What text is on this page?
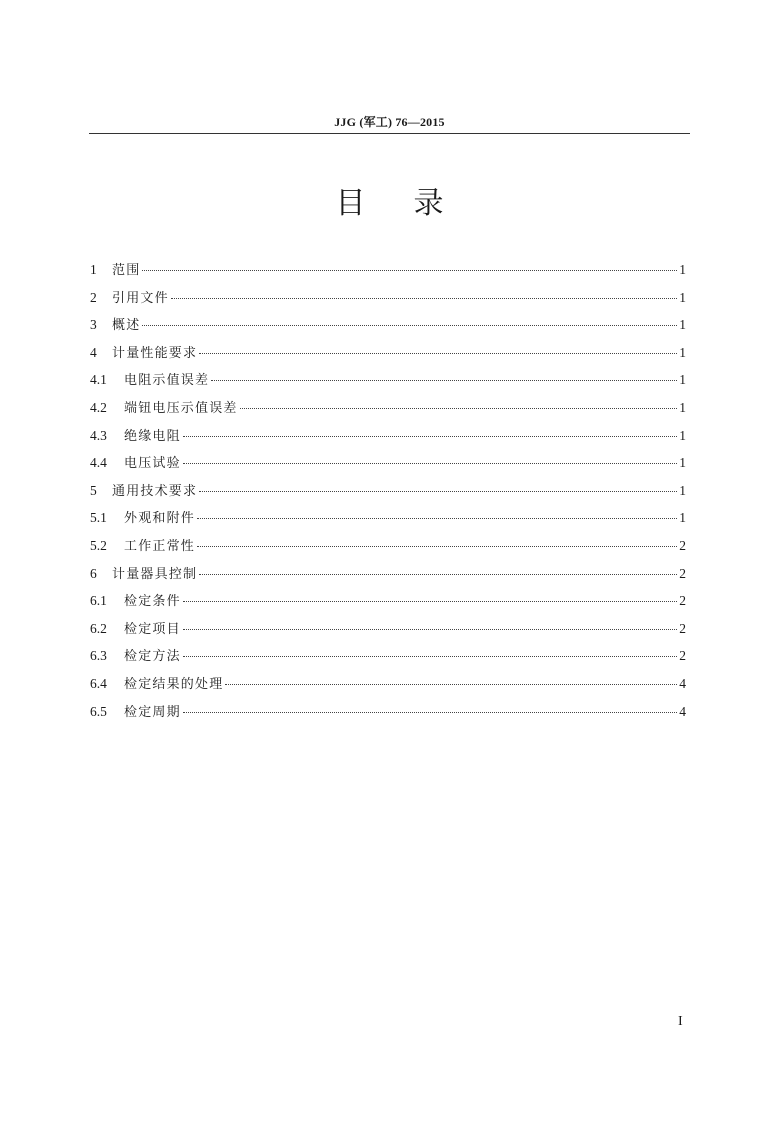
JJG (军工) 76—2015
目 录
1	范围	1
2	引用文件	1
3	概述	1
4	计量性能要求	1
4.1	电阻示值误差	1
4.2	端钮电压示值误差	1
4.3	绝缘电阻	1
4.4	电压试验	1
5	通用技术要求	1
5.1	外观和附件	1
5.2	工作正常性	2
6	计量器具控制	2
6.1	检定条件	2
6.2	检定项目	2
6.3	检定方法	2
6.4	检定结果的处理	4
6.5	检定周期	4
I
